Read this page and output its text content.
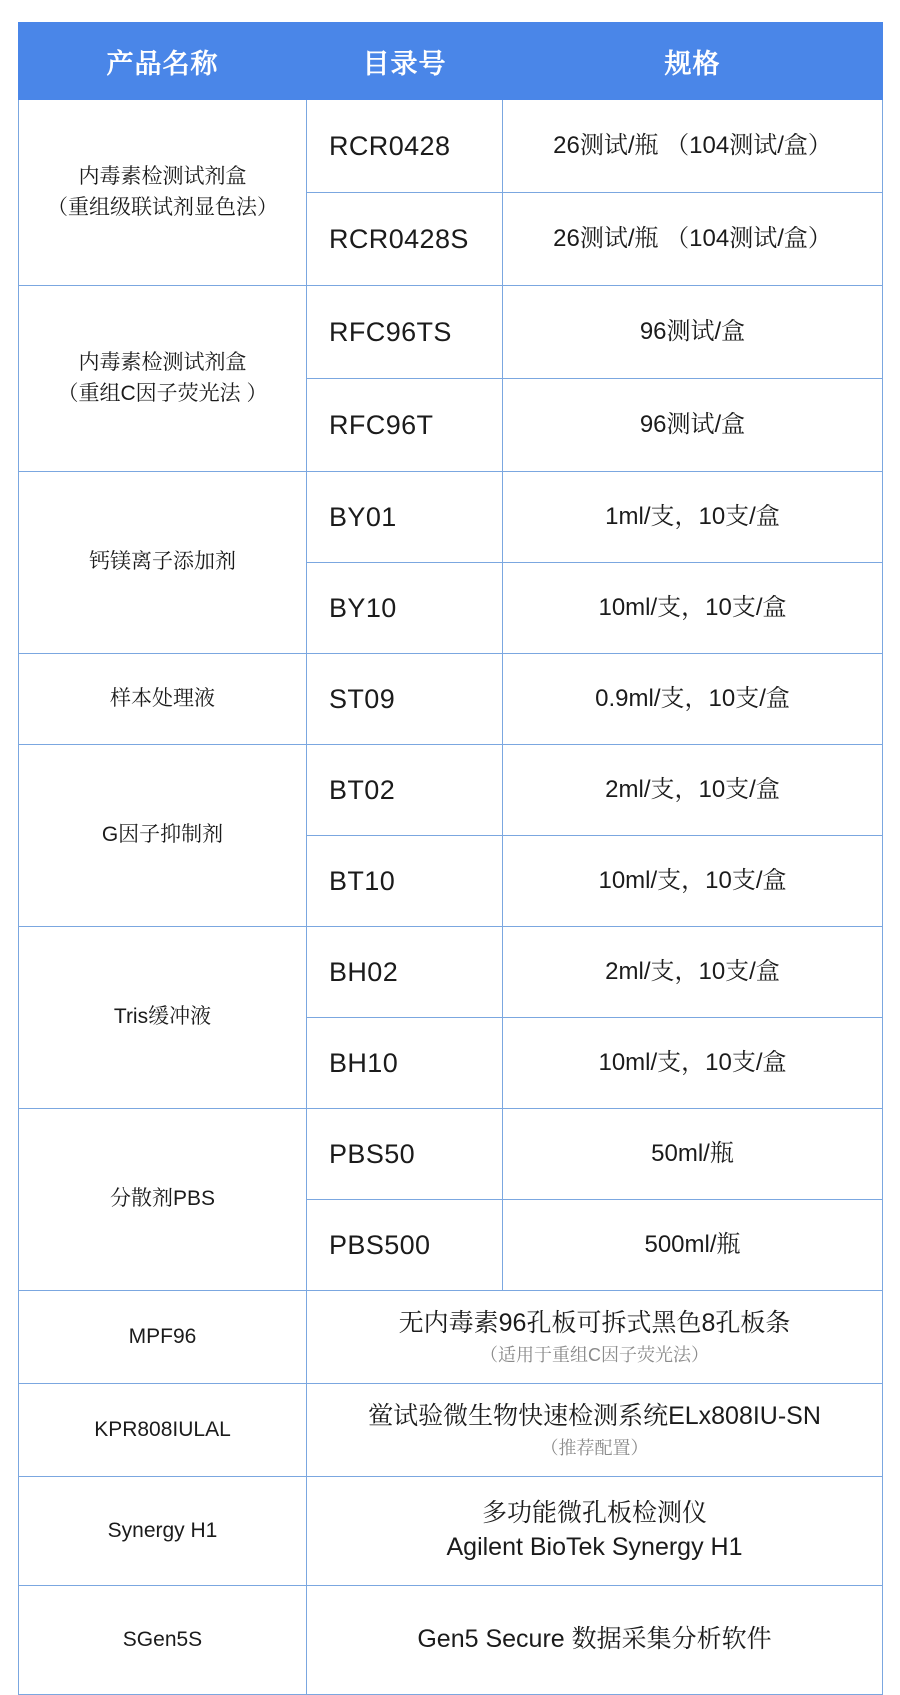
产品名称	目录号	规格

内毒素检测试剂盒
（重组级联试剂显色法）	RCR0428	26测试/瓶 （104测试/盒）
	RCR0428S	26测试/瓶 （104测试/盒）

内毒素检测试剂盒
（重组C因子荧光法 ）	RFC96TS	96测试/盒
	RFC96T	96测试/盒

钙镁离子添加剂	BY01	1ml/支，10支/盒
	BY10	10ml/支，10支/盒

样本处理液	ST09	0.9ml/支，10支/盒

G因子抑制剂	BT02	2ml/支，10支/盒
	BT10	10ml/支，10支/盒

Tris缓冲液	BH02	2ml/支，10支/盒
	BH10	10ml/支，10支/盒

分散剂PBS	PBS50	50ml/瓶
	PBS500	500ml/瓶
MPF96	无内毒素96孔板可拆式黑色8孔板条
（适用于重组C因子荧光法）	

KPR808IULAL	鲎试验微生物快速检测系统ELx808IU-SN
（推荐配置）	

Synergy H1	多功能微孔板检测仪
Agilent BioTek Synergy H1	

SGen5S	Gen5 Secure 数据采集分析软件	
